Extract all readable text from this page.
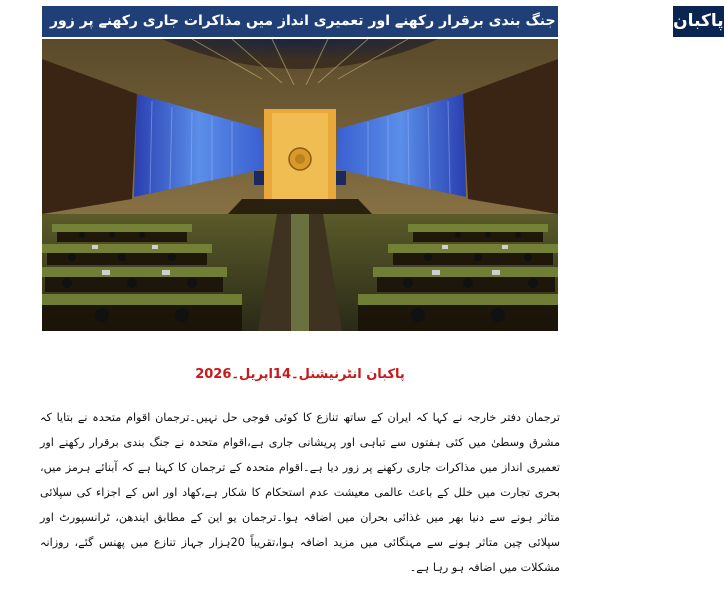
اقوام متحدہ کا جنگ بندی برقرار رکھنے اور تعمیری انداز میں مذاکرات جاری رکھنے پر زور پاکبان
پاکبان انٹرنیشنل۔14اپریل۔2026
ترجمان دفتر خارجہ نے کہا کہ ایران کے ساتھ تنازع کا کوئی فوجی حل نہیں۔ترجمان اقوام متحدہ نے بتایا کہ مشرق وسطیٰ میں کئی ہفتوں سے تباہی اور پریشانی جاری ہے،اقوام متحدہ نے جنگ بندی برقرار رکھنے اور تعمیری انداز میں مذاکرات جاری رکھنے پر زور دیا ہے۔اقوام متحدہ کے ترجمان کا کہنا ہے کہ آبنائے ہرمز میں، بحری تجارت میں خلل کے باعث عالمی معیشت عدم استحکام کا شکار ہے،کھاد اور اس کے اجزاء کی سپلائی متاثر ہونے سے دنیا بھر میں غذائی بحران میں اضافہ ہوا۔ترجمان یو این کے مطابق ایندھن، ٹرانسپورٹ اور سپلائی چین متاثر ہونے سے مہنگائی میں مزید اضافہ ہوا،تقریباً 20ہزار جہاز تنازع میں پھنس گئے، روزانہ مشکلات میں اضافہ ہو رہا ہے۔
